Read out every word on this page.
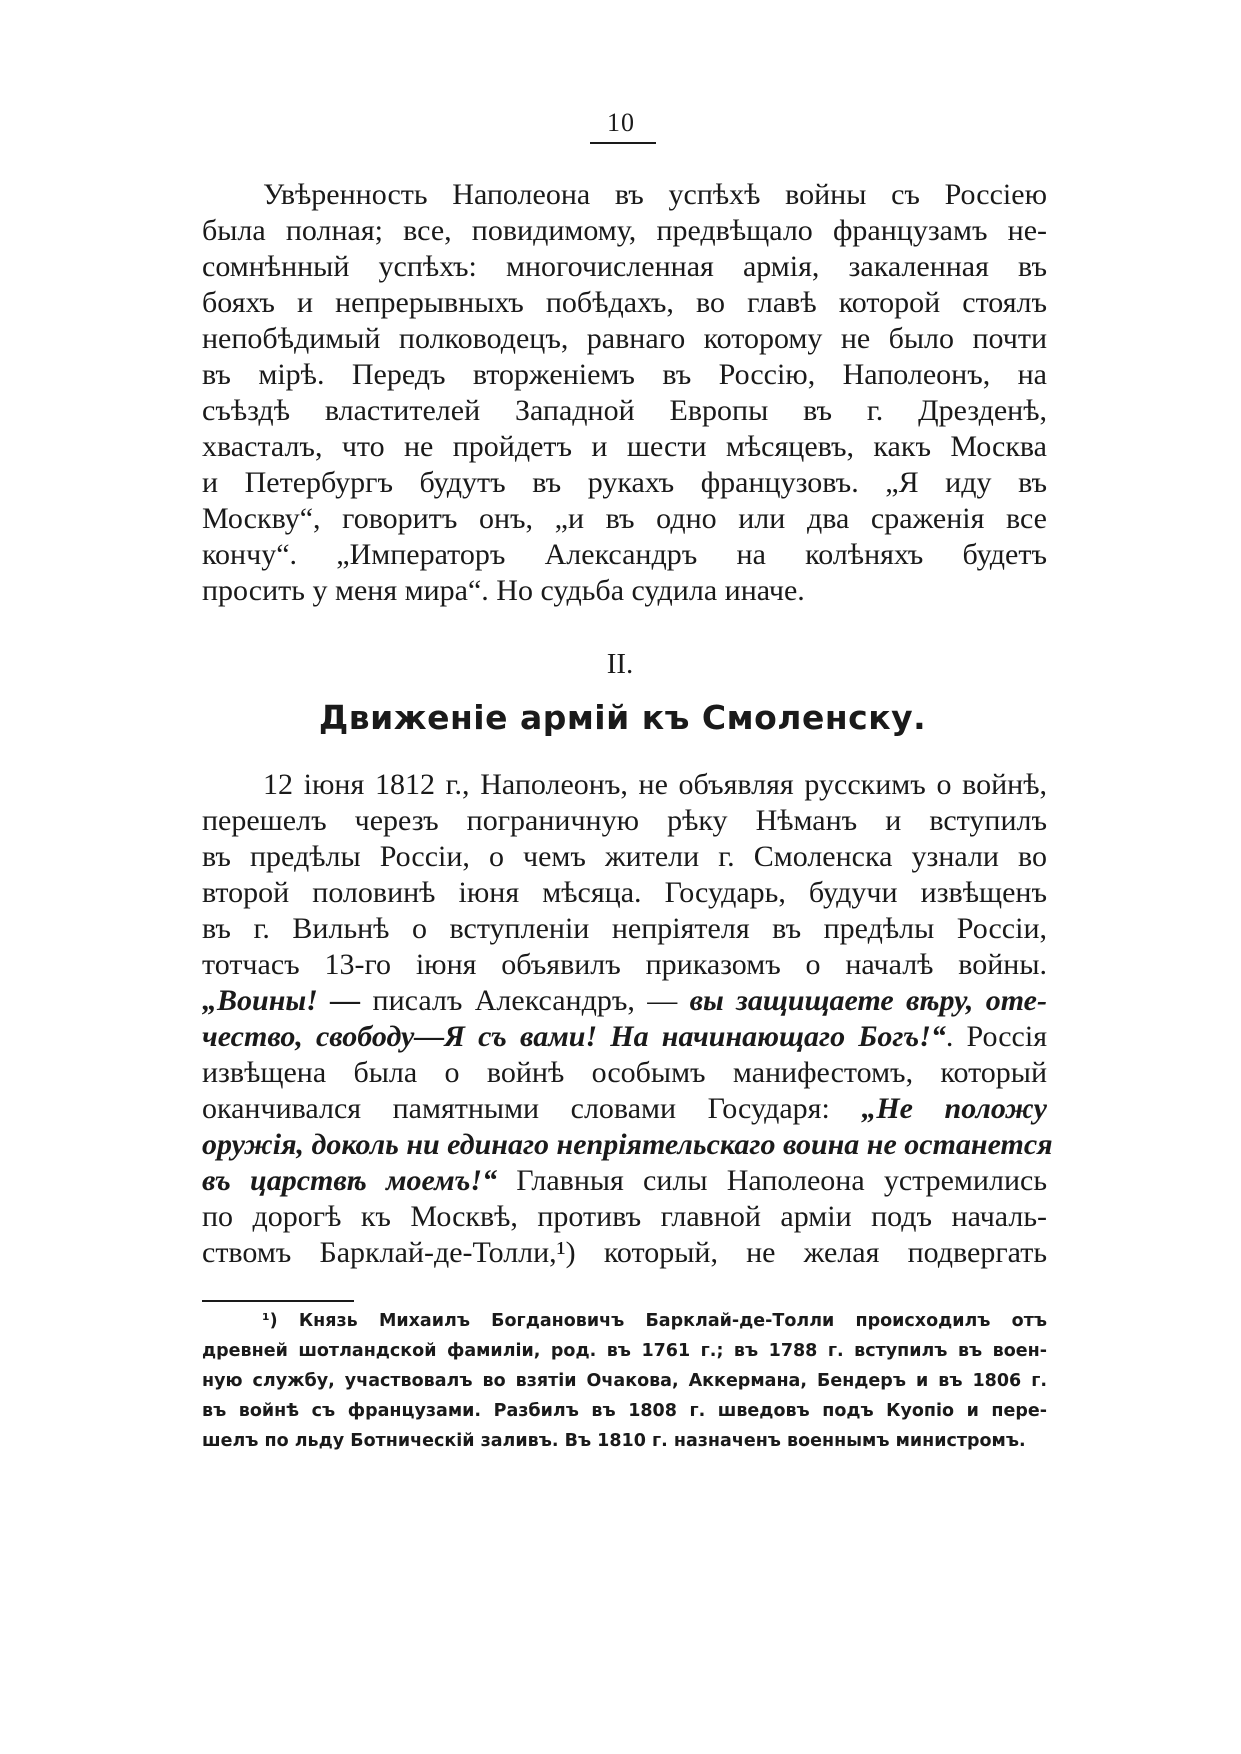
10
Увѣренность Наполеона въ успѣхѣ войны съ Россiею
была полная; все, повидимому, предвѣщало французамъ не-
сомнѣнный успѣхъ: многочисленная армiя, закаленная въ
бояхъ и непрерывныхъ побѣдахъ, во главѣ которой стоялъ
непобѣдимый полководецъ, равнаго которому не было почти
въ мiрѣ. Передъ вторженiемъ въ Россiю, Наполеонъ, на
съѣздѣ властителей Западной Европы въ г. Дрезденѣ,
хвасталъ, что не пройдетъ и шести мѣсяцевъ, какъ Москва
и Петербургъ будутъ въ рукахъ французовъ. „Я иду въ
Москву“, говоритъ онъ, „и въ одно или два сраженiя все
кончу“. „Императоръ Александръ на колѣняхъ будетъ
просить у меня мира“. Но судьба судила иначе.
II.
Движенiе армiй къ Смоленску.
12 iюня 1812 г., Наполеонъ, не объявляя русскимъ о войнѣ,
перешелъ черезъ пограничную рѣку Нѣманъ и вступилъ
въ предѣлы Россiи, о чемъ жители г. Смоленска узнали во
второй половинѣ iюня мѣсяца. Государь, будучи извѣщенъ
въ г. Вильнѣ о вступленiи непрiятеля въ предѣлы Россiи,
тотчасъ 13-го iюня объявилъ приказомъ о началѣ войны.
„Воины! — писалъ Александръ, — вы защищаете вѣру, оте-
чество, свободу—Я съ вами! На начинающаго Богъ!“. Россiя
извѣщена была о войнѣ особымъ манифестомъ, который
оканчивался памятными словами Государя: „Не положу
оружiя, доколь ни единаго непрiятельскаго воина не останется
въ царствѣ моемъ!“ Главныя силы Наполеона устремились
по дорогѣ къ Москвѣ, противъ главной армiи подъ началь-
ствомъ Барклай-де-Толли,¹) который, не желая подвергать
¹) Князь Михаилъ Богдановичъ Барклай-де-Толли происходилъ отъ
древней шотландской фамилiи, род. въ 1761 г.; въ 1788 г. вступилъ въ воен-
ную службу, участвовалъ во взятiи Очакова, Аккермана, Бендеръ и въ 1806 г.
въ войнѣ съ французами. Разбилъ въ 1808 г. шведовъ подъ Куопiо и пере-
шелъ по льду Ботническiй заливъ. Въ 1810 г. назначенъ военнымъ министромъ.
